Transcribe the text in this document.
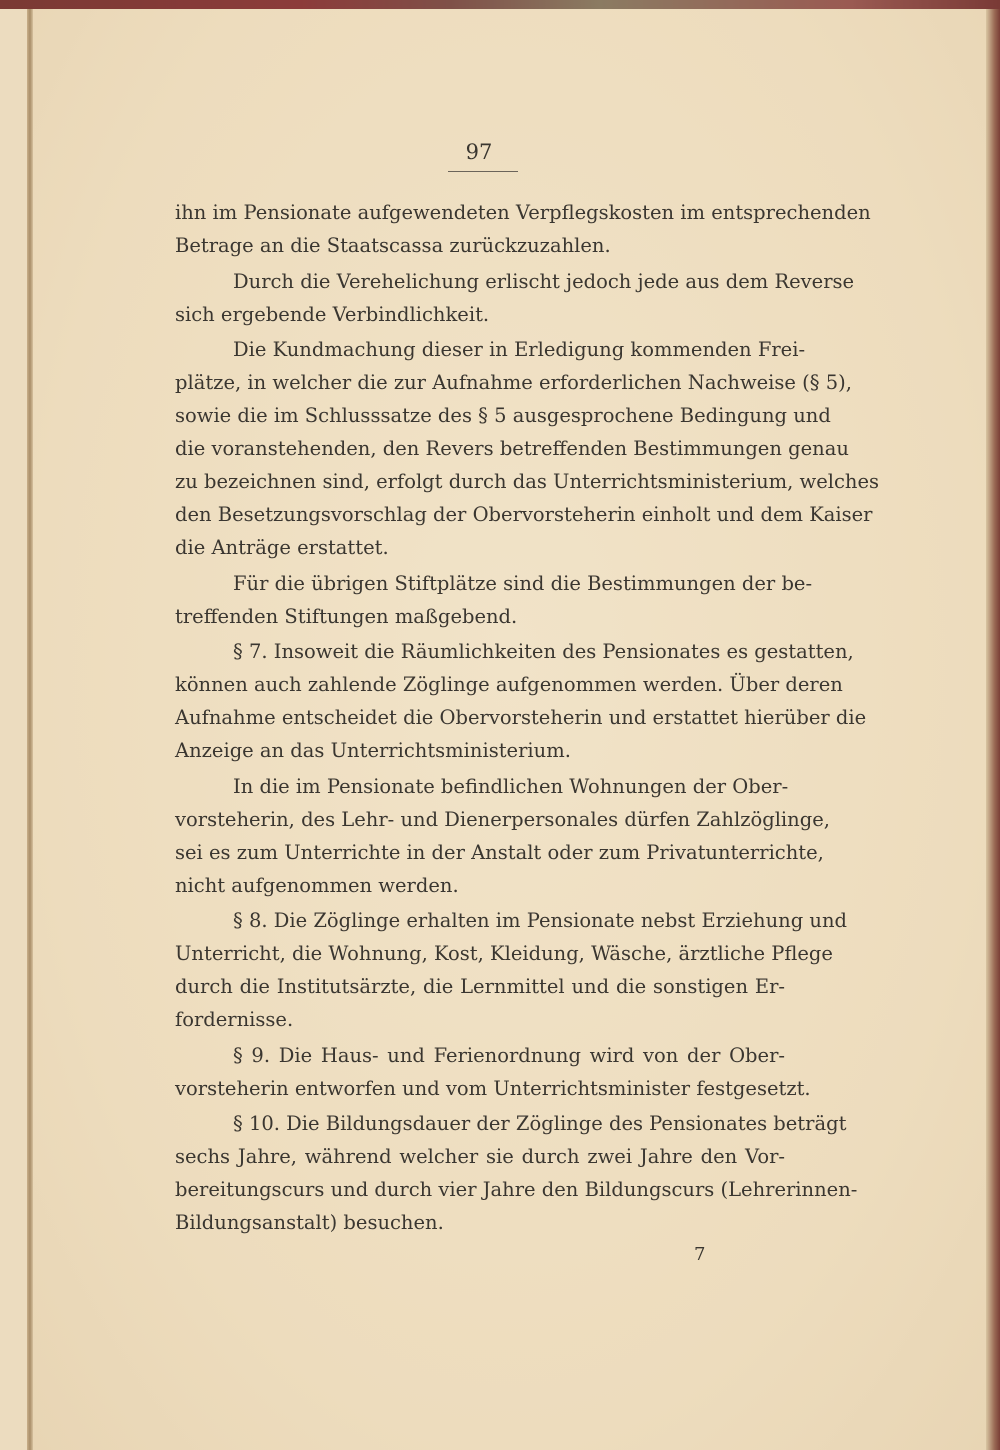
97
ihn im Pensionate aufgewendeten Verpflegskosten im entsprechenden
Betrage an die Staatscassa zurückzuzahlen.
Durch die Verehelichung erlischt jedoch jede aus dem Reverse
sich ergebende Verbindlichkeit.
Die Kundmachung dieser in Erledigung kommenden Frei-
plätze, in welcher die zur Aufnahme erforderlichen Nachweise (§ 5),
sowie die im Schlusssatze des § 5 ausgesprochene Bedingung und
die voranstehenden, den Revers betreffenden Bestimmungen genau
zu bezeichnen sind, erfolgt durch das Unterrichtsministerium, welches
den Besetzungsvorschlag der Obervorsteherin einholt und dem Kaiser
die Anträge erstattet.
Für die übrigen Stiftplätze sind die Bestimmungen der be-
treffenden Stiftungen maßgebend.
§ 7. Insoweit die Räumlichkeiten des Pensionates es gestatten,
können auch zahlende Zöglinge aufgenommen werden. Über deren
Aufnahme entscheidet die Obervorsteherin und erstattet hierüber die
Anzeige an das Unterrichtsministerium.
In die im Pensionate befindlichen Wohnungen der Ober-
vorsteherin, des Lehr- und Dienerpersonales dürfen Zahlzöglinge,
sei es zum Unterrichte in der Anstalt oder zum Privatunterrichte,
nicht aufgenommen werden.
§ 8. Die Zöglinge erhalten im Pensionate nebst Erziehung und
Unterricht, die Wohnung, Kost, Kleidung, Wäsche, ärztliche Pflege
durch die Institutsärzte, die Lernmittel und die sonstigen Er-
fordernisse.
§ 9. Die Haus- und Ferienordnung wird von der Ober-
vorsteherin entworfen und vom Unterrichtsminister festgesetzt.
§ 10. Die Bildungsdauer der Zöglinge des Pensionates beträgt
sechs Jahre, während welcher sie durch zwei Jahre den Vor-
bereitungscurs und durch vier Jahre den Bildungscurs (Lehrerinnen-
Bildungsanstalt) besuchen.
7
